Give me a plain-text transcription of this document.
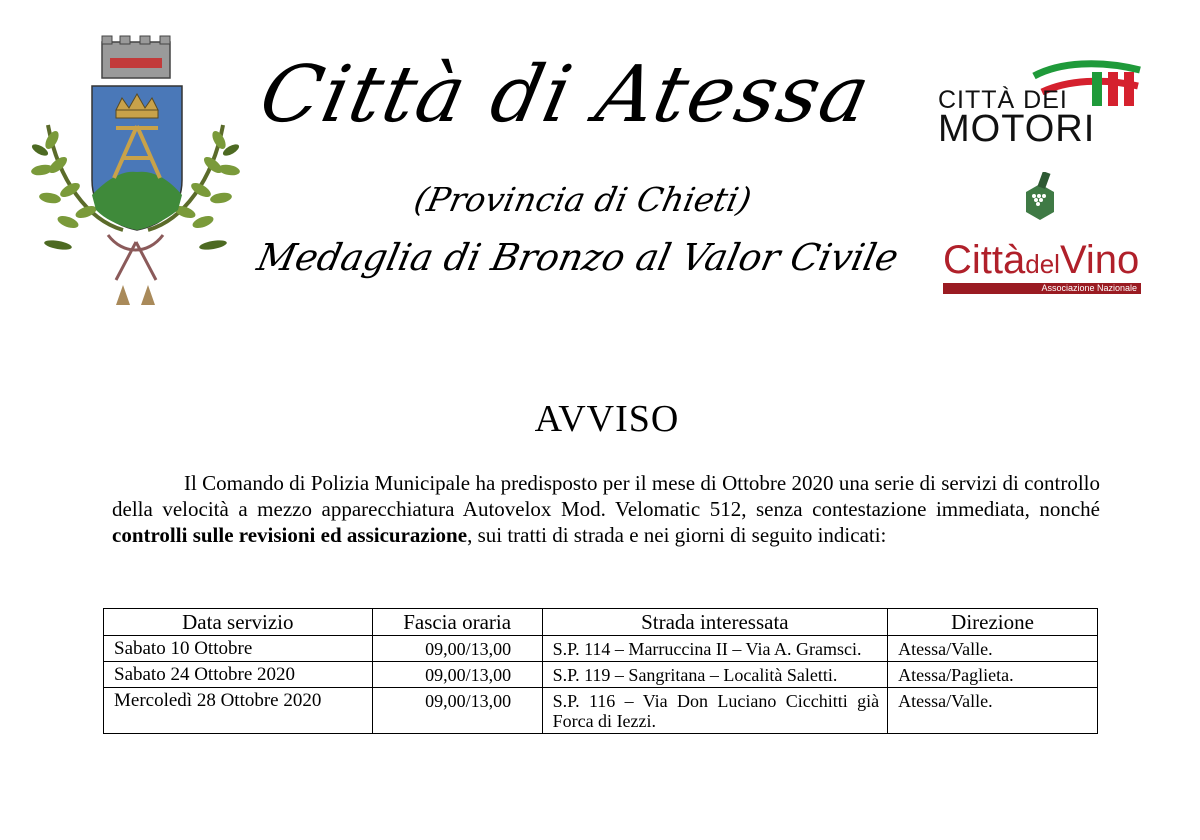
Città di Atessa
(Provincia di Chieti)
Medaglia di Bronzo al Valor Civile
CITTÀ DEI
MOTORI
CittàdelVino
Associazione Nazionale
AVVISO
Il Comando di Polizia Municipale ha predisposto per il mese di Ottobre 2020 una serie di servizi di controllo della velocità a mezzo apparecchiatura Autovelox Mod. Velomatic 512, senza contestazione immediata, nonché controlli sulle revisioni ed assicurazione, sui tratti di strada e nei giorni di seguito indicati:
Data servizio	Fascia oraria	Strada interessata	Direzione
Sabato 10 Ottobre	09,00/13,00	S.P. 114 – Marruccina II – Via A. Gramsci.	Atessa/Valle.
Sabato 24 Ottobre 2020	09,00/13,00	S.P. 119 – Sangritana – Località Saletti.	Atessa/Paglieta.
Mercoledì 28 Ottobre 2020	09,00/13,00	S.P. 116 – Via Don Luciano Cicchitti già Forca di Iezzi.	Atessa/Valle.
